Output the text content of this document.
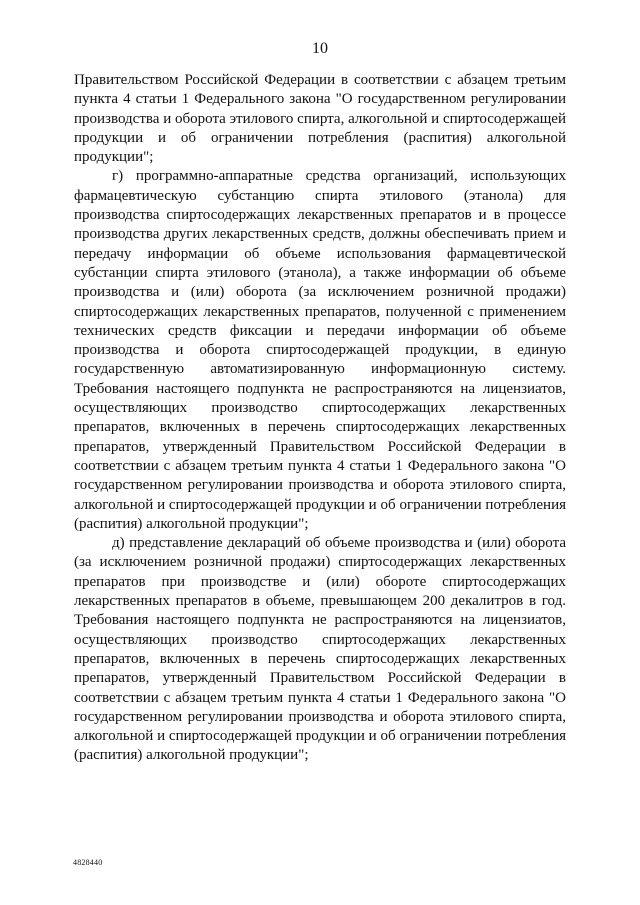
10

Правительством Российской Федерации в соответствии с абзацем третьим пункта 4 статьи 1 Федерального закона "О государственном регулировании производства и оборота этилового спирта, алкогольной и спиртосодержащей продукции и об ограничении потребления (распития) алкогольной продукции";

г) программно-аппаратные средства организаций, использующих фармацевтическую субстанцию спирта этилового (этанола) для производства спиртосодержащих лекарственных препаратов и в процессе производства других лекарственных средств, должны обеспечивать прием и передачу информации об объеме использования фармацевтической субстанции спирта этилового (этанола), а также информации об объеме производства и (или) оборота (за исключением розничной продажи) спиртосодержащих лекарственных препаратов, полученной с применением технических средств фиксации и передачи информации об объеме производства и оборота спиртосодержащей продукции, в единую государственную автоматизированную информационную систему. Требования настоящего подпункта не распространяются на лицензиатов, осуществляющих производство спиртосодержащих лекарственных препаратов, включенных в перечень спиртосодержащих лекарственных препаратов, утвержденный Правительством Российской Федерации в соответствии с абзацем третьим пункта 4 статьи 1 Федерального закона "О государственном регулировании производства и оборота этилового спирта, алкогольной и спиртосодержащей продукции и об ограничении потребления (распития) алкогольной продукции";

д) представление деклараций об объеме производства и (или) оборота (за исключением розничной продажи) спиртосодержащих лекарственных препаратов при производстве и (или) обороте спиртосодержащих лекарственных препаратов в объеме, превышающем 200 декалитров в год. Требования настоящего подпункта не распространяются на лицензиатов, осуществляющих производство спиртосодержащих лекарственных препаратов, включенных в перечень спиртосодержащих лекарственных препаратов, утвержденный Правительством Российской Федерации в соответствии с абзацем третьим пункта 4 статьи 1 Федерального закона "О государственном регулировании производства и оборота этилового спирта, алкогольной и спиртосодержащей продукции и об ограничении потребления (распития) алкогольной продукции";

4828440
